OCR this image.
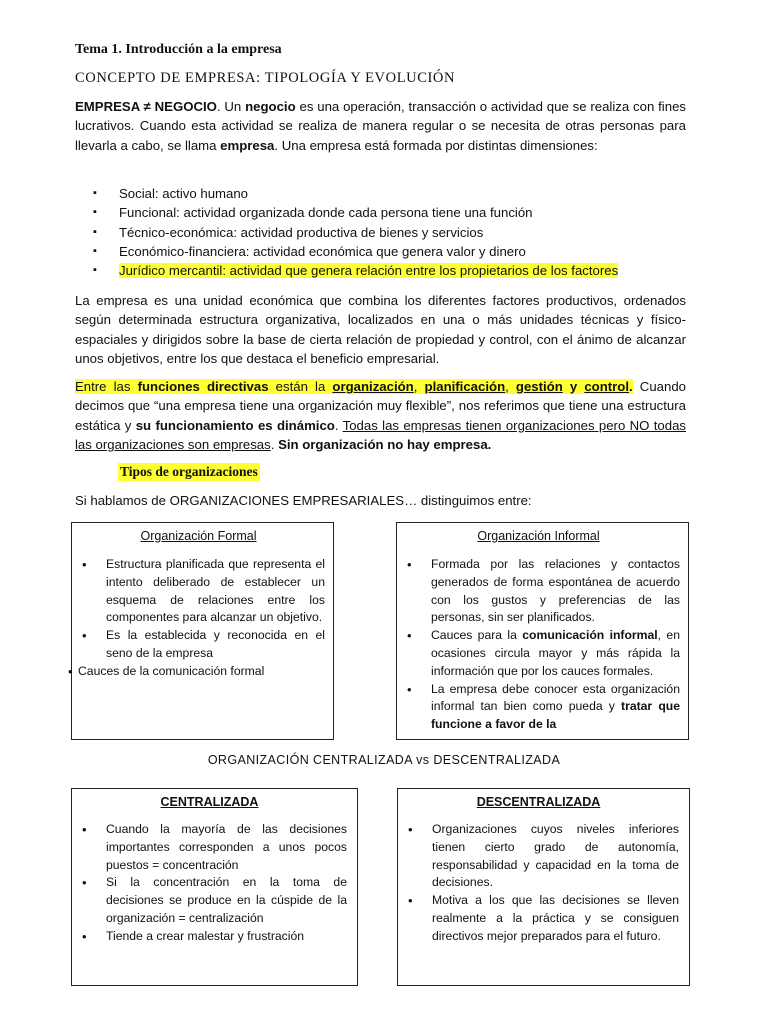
Tema 1. Introducción a la empresa
CONCEPTO DE EMPRESA: TIPOLOGÍA Y EVOLUCIÓN
EMPRESA ≠ NEGOCIO. Un negocio es una operación, transacción o actividad que se realiza con fines lucrativos. Cuando esta actividad se realiza de manera regular o se necesita de otras personas para llevarla a cabo, se llama empresa. Una empresa está formada por distintas dimensiones:
▪ Social: activo humano
▪ Funcional: actividad organizada donde cada persona tiene una función
▪ Técnico-económica: actividad productiva de bienes y servicios
▪ Económico-financiera: actividad económica que genera valor y dinero
▪ Jurídico mercantil: actividad que genera relación entre los propietarios de los factores
La empresa es una unidad económica que combina los diferentes factores productivos, ordenados según determinada estructura organizativa, localizados en una o más unidades técnicas y físico-espaciales y dirigidos sobre la base de cierta relación de propiedad y control, con el ánimo de alcanzar unos objetivos, entre los que destaca el beneficio empresarial.
Entre las funciones directivas están la organización, planificación, gestión y control. Cuando decimos que “una empresa tiene una organización muy flexible”, nos referimos que tiene una estructura estática y su funcionamiento es dinámico. Todas las empresas tienen organizaciones pero NO todas las organizaciones son empresas. Sin organización no hay empresa.
Tipos de organizaciones
Si hablamos de ORGANIZACIONES EMPRESARIALES… distinguimos entre:
Organización Formal
• Estructura planificada que representa el intento deliberado de establecer un esquema de relaciones entre los componentes para alcanzar un objetivo.
• Es la establecida y reconocida en el seno de la empresa
• Cauces de la comunicación formal
Organización Informal
• Formada por las relaciones y contactos generados de forma espontánea de acuerdo con los gustos y preferencias de las personas, sin ser planificados.
• Cauces para la comunicación informal, en ocasiones circula mayor y más rápida la información que por los cauces formales.
• La empresa debe conocer esta organización informal tan bien como pueda y tratar que funcione a favor de la
ORGANIZACIÓN CENTRALIZADA vs DESCENTRALIZADA
CENTRALIZADA
• Cuando la mayoría de las decisiones importantes corresponden a unos pocos puestos = concentración
• Si la concentración en la toma de decisiones se produce en la cúspide de la organización = centralización
• Tiende a crear malestar y frustración
DESCENTRALIZADA
• Organizaciones cuyos niveles inferiores tienen cierto grado de autonomía, responsabilidad y capacidad en la toma de decisiones.
• Motiva a los que las decisiones se lleven realmente a la práctica y se consiguen directivos mejor preparados para el futuro.
